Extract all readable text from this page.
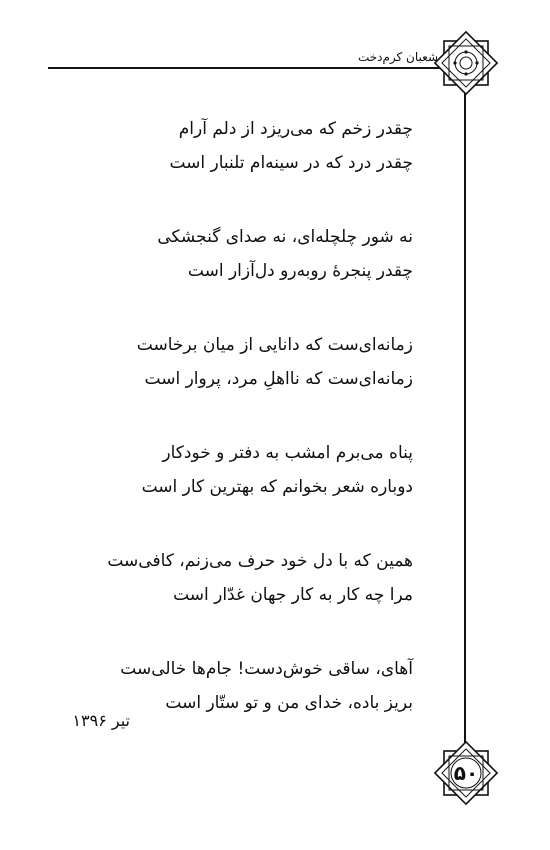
شعبان کرم‌دخت
۵۰
چقدر زخم که می‌ریزد از دلم آرام
چقدر درد که در سینه‌ام تلنبار است
نه شور چلچله‌ای، نه صدای گنجشکی
چقدر پنجرهٔ روبه‌رو دل‌آزار است
زمانه‌ای‌ست که دانایی از میان برخاست
زمانه‌ای‌ست که نااهلِ مرد، پروار است
پناه می‌برم امشب به دفتر و خودکار
دوباره شعر بخوانم که بهترین کار است
همین که با دل خود حرف می‌زنم، کافی‌ست
مرا چه کار به کار جهان غدّار است
آهای، ساقی خوش‌دست! جام‌ها خالی‌ست
بریز باده، خدای من و تو ستّار است
تیر ۱۳۹۶
